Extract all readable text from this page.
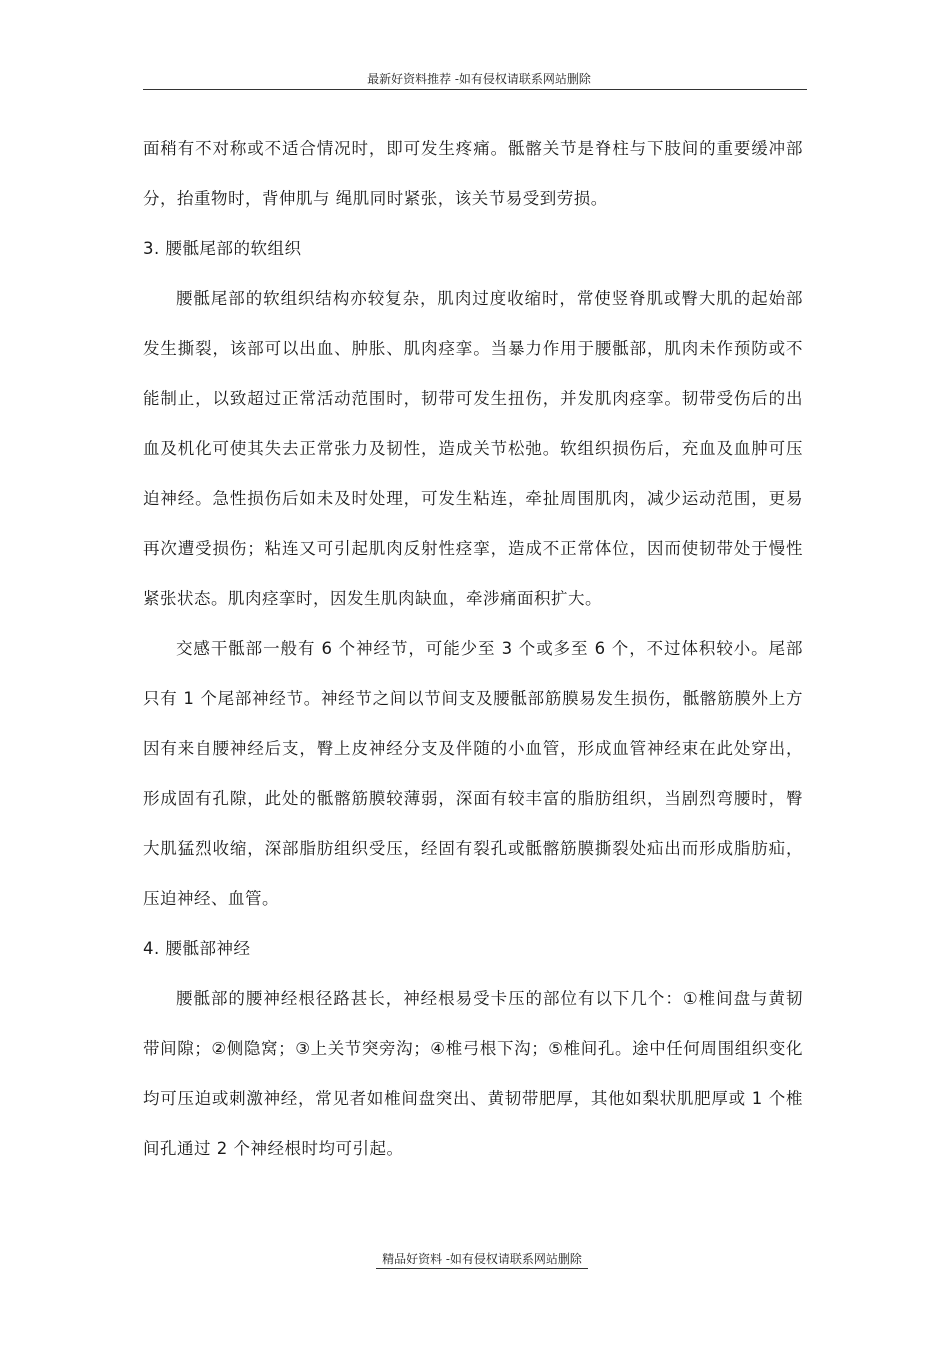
最新好资料推荐 -如有侵权请联系网站删除

面稍有不对称或不适合情况时，即可发生疼痛。骶髂关节是脊柱与下肢间的重要缓冲部分，抬重物时，背伸肌与 绳肌同时紧张，该关节易受到劳损。

3. 腰骶尾部的软组织

腰骶尾部的软组织结构亦较复杂，肌肉过度收缩时，常使竖脊肌或臀大肌的起始部发生撕裂，该部可以出血、肿胀、肌肉痉挛。当暴力作用于腰骶部，肌肉未作预防或不能制止，以致超过正常活动范围时，韧带可发生扭伤，并发肌肉痉挛。韧带受伤后的出血及机化可使其失去正常张力及韧性，造成关节松弛。软组织损伤后，充血及血肿可压迫神经。急性损伤后如未及时处理，可发生粘连，牵扯周围肌肉，减少运动范围，更易再次遭受损伤；粘连又可引起肌肉反射性痉挛，造成不正常体位，因而使韧带处于慢性紧张状态。肌肉痉挛时，因发生肌肉缺血，牵涉痛面积扩大。

交感干骶部一般有 6 个神经节，可能少至 3 个或多至 6 个，不过体积较小。尾部只有 1 个尾部神经节。神经节之间以节间支及腰骶部筋膜易发生损伤，骶髂筋膜外上方因有来自腰神经后支，臀上皮神经分支及伴随的小血管，形成血管神经束在此处穿出，形成固有孔隙，此处的骶髂筋膜较薄弱，深面有较丰富的脂肪组织，当剧烈弯腰时，臀大肌猛烈收缩，深部脂肪组织受压，经固有裂孔或骶髂筋膜撕裂处疝出而形成脂肪疝，压迫神经、血管。

4. 腰骶部神经

腰骶部的腰神经根径路甚长，神经根易受卡压的部位有以下几个：①椎间盘与黄韧带间隙；②侧隐窝；③上关节突旁沟；④椎弓根下沟；⑤椎间孔。途中任何周围组织变化均可压迫或刺激神经，常见者如椎间盘突出、黄韧带肥厚，其他如梨状肌肥厚或 1 个椎间孔通过 2 个神经根时均可引起。

精品好资料 -如有侵权请联系网站删除
